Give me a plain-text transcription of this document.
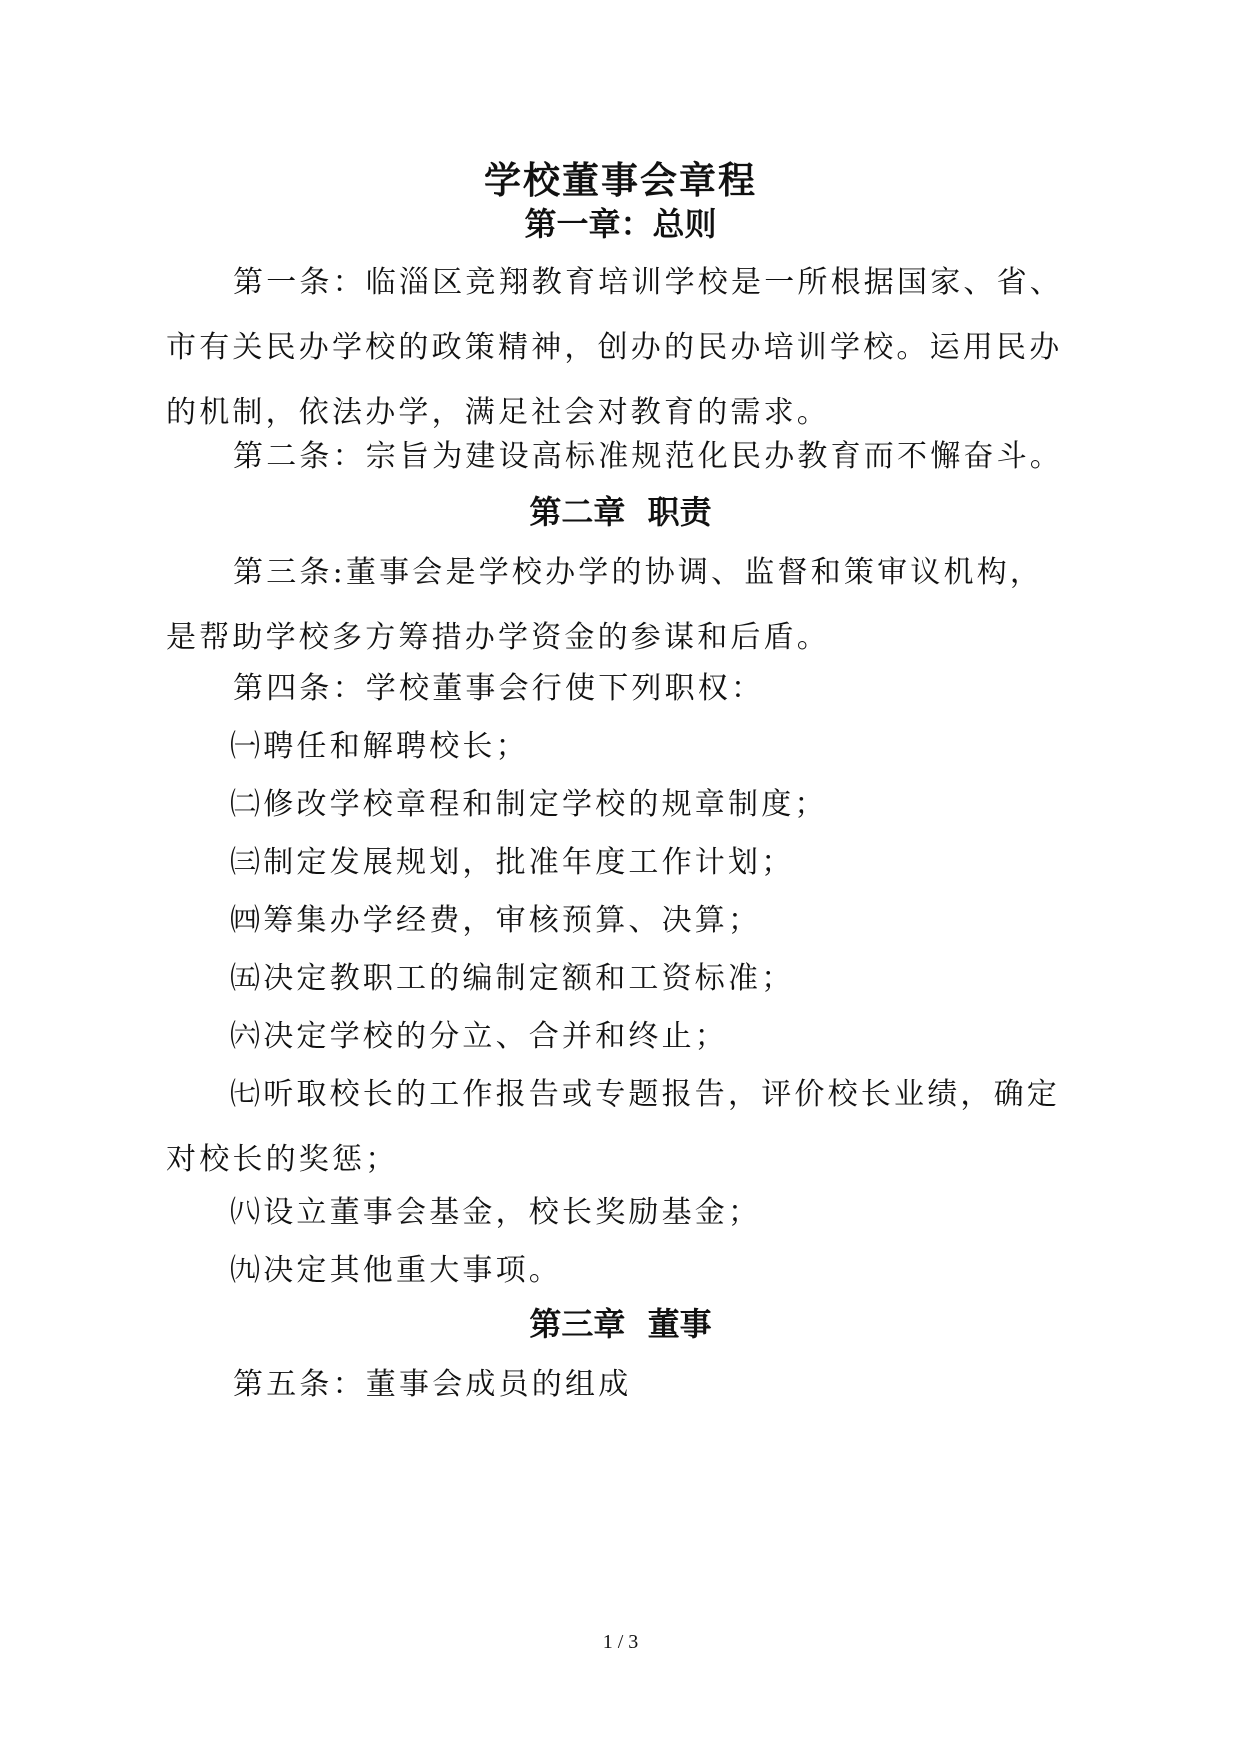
学校董事会章程
第一章：总则

第一条：临淄区竞翔教育培训学校是一所根据国家、省、市有关民办学校的政策精神，创办的民办培训学校。运用民办的机制，依法办学，满足社会对教育的需求。

第二条：宗旨为建设高标准规范化民办教育而不懈奋斗。

第二章  职责

第三条:董事会是学校办学的协调、监督和策审议机构，是帮助学校多方筹措办学资金的参谋和后盾。

第四条：学校董事会行使下列职权：

㈠聘任和解聘校长；

㈡修改学校章程和制定学校的规章制度；

㈢制定发展规划，批准年度工作计划；

㈣筹集办学经费，审核预算、决算；

㈤决定教职工的编制定额和工资标准；

㈥决定学校的分立、合并和终止；

㈦听取校长的工作报告或专题报告，评价校长业绩，确定对校长的奖惩；

㈧设立董事会基金，校长奖励基金；

㈨决定其他重大事项。

第三章  董事

第五条：董事会成员的组成

1 / 3
